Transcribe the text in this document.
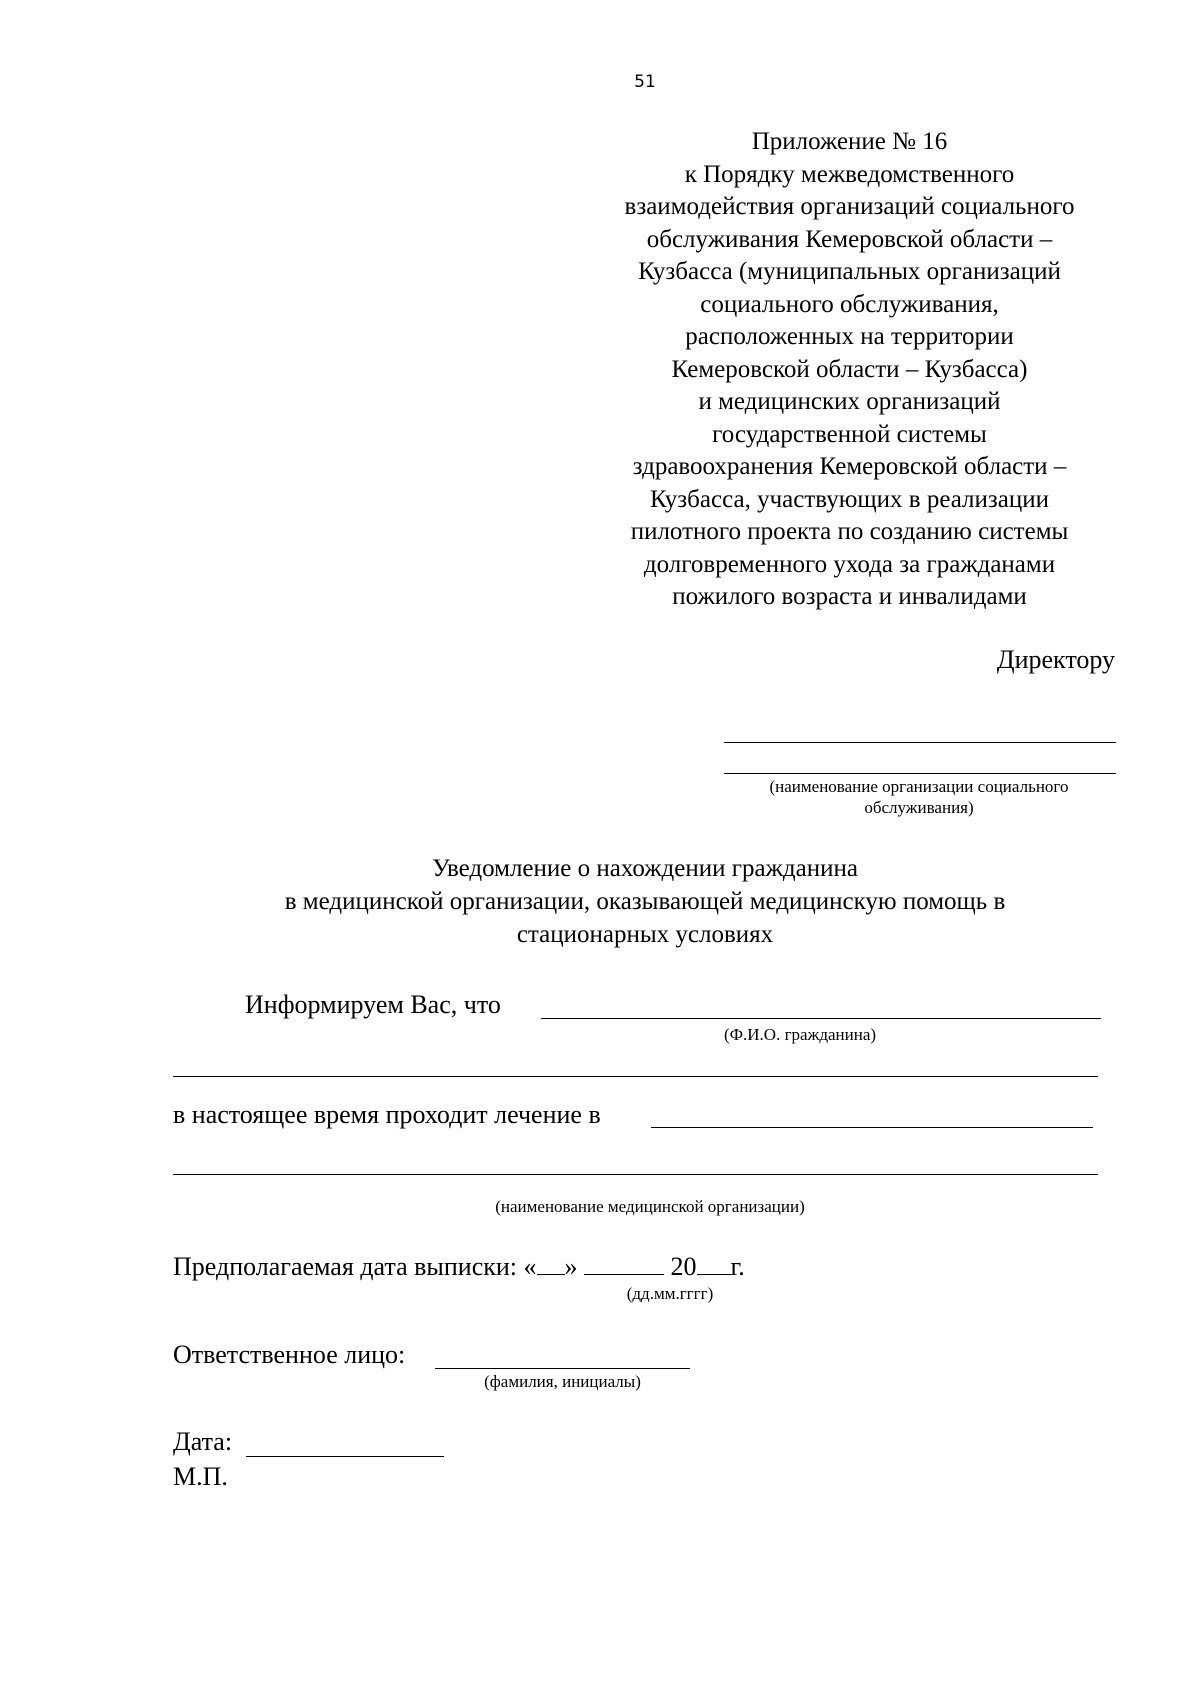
51
Приложение № 16
к Порядку межведомственного
взаимодействия организаций социального
обслуживания Кемеровской области –
Кузбасса (муниципальных организаций
социального обслуживания,
расположенных на территории
Кемеровской области – Кузбасса)
и медицинских организаций
государственной системы
здравоохранения Кемеровской области –
Кузбасса, участвующих в реализации
пилотного проекта по созданию системы
долговременного ухода за гражданами
пожилого возраста и инвалидами
Директору
(наименование организации социального
обслуживания)
Уведомление о нахождении гражданина
в медицинской организации, оказывающей медицинскую помощь в
стационарных условиях
Информируем Вас, что
(Ф.И.О. гражданина)
в настоящее время проходит лечение в
(наименование медицинской организации)
Предполагаемая дата выписки: « »	20 г.
(дд.мм.гггг)
Ответственное лицо:
(фамилия, инициалы)
Дата:
М.П.
